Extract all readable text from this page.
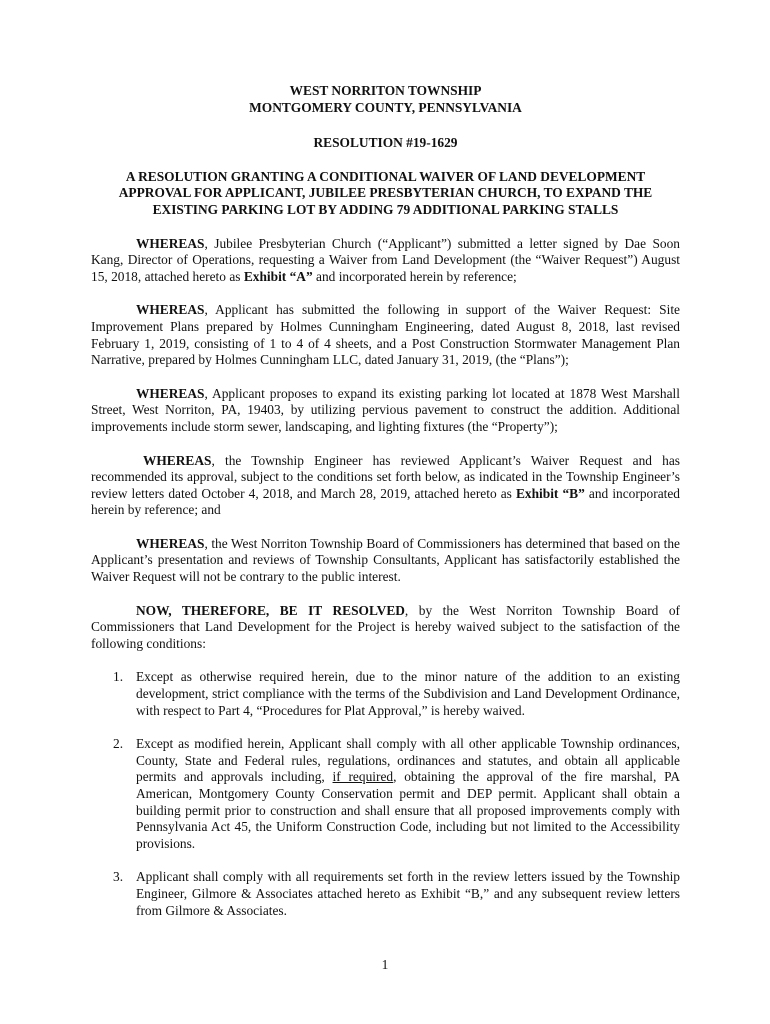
WEST NORRITON TOWNSHIP
MONTGOMERY COUNTY, PENNSYLVANIA
RESOLUTION #19-1629
A RESOLUTION GRANTING A CONDITIONAL WAIVER OF LAND DEVELOPMENT APPROVAL FOR APPLICANT, JUBILEE PRESBYTERIAN CHURCH, TO EXPAND THE EXISTING PARKING LOT BY ADDING 79 ADDITIONAL PARKING STALLS

WHEREAS, Jubilee Presbyterian Church (“Applicant”) submitted a letter signed by Dae Soon Kang, Director of Operations, requesting a Waiver from Land Development (the “Waiver Request”) August 15, 2018, attached hereto as Exhibit “A” and incorporated herein by reference;

WHEREAS, Applicant has submitted the following in support of the Waiver Request: Site Improvement Plans prepared by Holmes Cunningham Engineering, dated August 8, 2018, last revised February 1, 2019, consisting of 1 to 4 of 4 sheets, and a Post Construction Stormwater Management Plan Narrative, prepared by Holmes Cunningham LLC, dated January 31, 2019, (the “Plans”);

WHEREAS, Applicant proposes to expand its existing parking lot located at 1878 West Marshall Street, West Norriton, PA, 19403, by utilizing pervious pavement to construct the addition. Additional improvements include storm sewer, landscaping, and lighting fixtures (the “Property”);

WHEREAS, the Township Engineer has reviewed Applicant’s Waiver Request and has recommended its approval, subject to the conditions set forth below, as indicated in the Township Engineer’s review letters dated October 4, 2018, and March 28, 2019, attached hereto as Exhibit “B” and incorporated herein by reference; and

WHEREAS, the West Norriton Township Board of Commissioners has determined that based on the Applicant’s presentation and reviews of Township Consultants, Applicant has satisfactorily established the Waiver Request will not be contrary to the public interest.

NOW, THEREFORE, BE IT RESOLVED, by the West Norriton Township Board of Commissioners that Land Development for the Project is hereby waived subject to the satisfaction of the following conditions:

1. Except as otherwise required herein, due to the minor nature of the addition to an existing development, strict compliance with the terms of the Subdivision and Land Development Ordinance, with respect to Part 4, “Procedures for Plat Approval,” is hereby waived.
2. Except as modified herein, Applicant shall comply with all other applicable Township ordinances, County, State and Federal rules, regulations, ordinances and statutes, and obtain all applicable permits and approvals including, if required, obtaining the approval of the fire marshal, PA American, Montgomery County Conservation permit and DEP permit. Applicant shall obtain a building permit prior to construction and shall ensure that all proposed improvements comply with Pennsylvania Act 45, the Uniform Construction Code, including but not limited to the Accessibility provisions.
3. Applicant shall comply with all requirements set forth in the review letters issued by the Township Engineer, Gilmore & Associates attached hereto as Exhibit “B,” and any subsequent review letters from Gilmore & Associates.
1
